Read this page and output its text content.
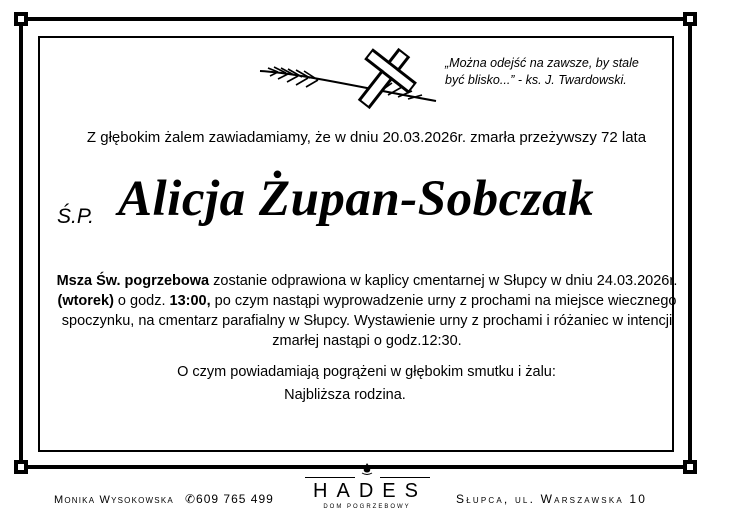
„Można odejść na zawsze, by stale
być blisko...” - ks. J. Twardowski.
Z głębokim żalem zawiadamiamy, że w dniu 20.03.2026r. zmarła przeżywszy 72 lata
Ś.P. Alicja Żupan-Sobczak
Msza Św. pogrzebowa zostanie odprawiona w kaplicy cmentarnej w Słupcy w dniu 24.03.2026r. (wtorek) o godz. 13:00, po czym nastąpi wyprowadzenie urny z prochami na miejsce wiecznego spoczynku, na cmentarz parafialny w Słupcy. Wystawienie urny z prochami i różaniec w intencji zmarłej nastąpi o godz.12:30.
O czym powiadamiają pogrążeni w głębokim smutku i żalu:
Najbliższa rodzina.
Monika Wysokowska ✆609 765 499	HADES
DOM POGRZEBOWY
Słupca, ul. Warszawska 10
